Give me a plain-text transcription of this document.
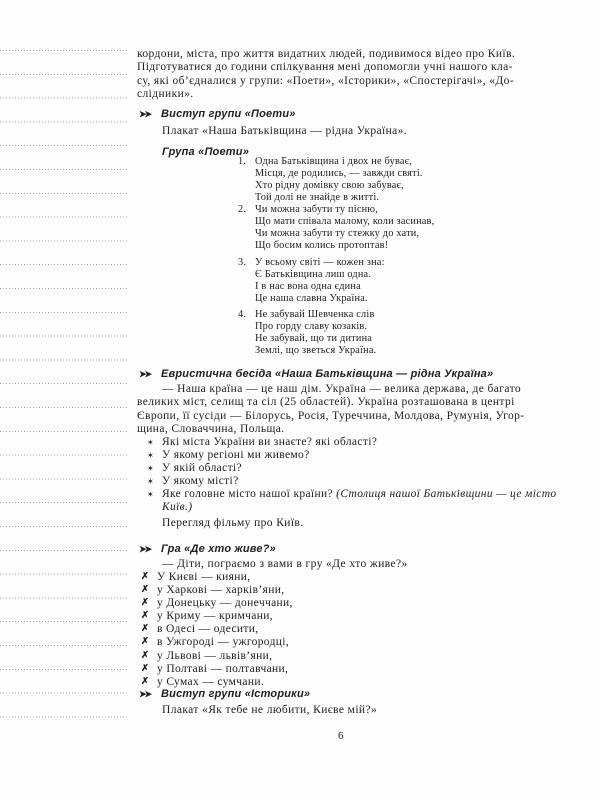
кордони, міста, про життя видатних людей, подивимося відео про Київ.
Підготуватися до години спілкування мені допомогли учні нашого кла-
су, які об’єдналися у групи: «Поети», «Історики», «Спостерігачі», «До-
слідники».
➤➤ Виступ групи «Поети»
Плакат «Наша Батьківщина — рідна Україна».
Група «Поети»
1. Одна Батьківщина і двох не буває,
Місця, де родились, — завжди святі.
Хто рідну домівку свою забуває,
Той долі не знайде в житті.
2. Чи можна забути ту пісню,
Що мати співала малому, коли засинав,
Чи можна забути ту стежку до хати,
Що босим колись протоптав!
3. У всьому світі — кожен зна:
Є Батьківщина лиш одна.
І в нас вона одна єдина
Це наша славна Україна.
4. Не забувай Шевченка слів
Про горду славу козаків.
Не забувай, що ти дитина
Землі, що зветься Україна.
➤➤ Евристична бесіда «Наша Батьківщина — рідна Україна»
— Наша країна — це наш дім. Україна — велика держава, де багато
великих міст, селищ та сіл (25 областей). Україна розташована в центрі
Європи, її сусіди — Білорусь, Росія, Туреччина, Молдова, Румунія, Угор-
щина, Словаччина, Польща.
✶ Які міста України ви знаєте? які області?
✶ У якому регіоні ми живемо?
✶ У якій області?
✶ У якому місті?
✶ Яке головне місто нашої країни? (Столиця нашої Батьківщини — це місто Київ.)
Перегляд фільму про Київ.
➤➤ Гра «Де хто живе?»
— Діти, пограємо з вами в гру «Де хто живе?»
✗ У Києві — кияни,
✗ у Харкові — харків’яни,
✗ у Донецьку — донеччани,
✗ у Криму — кримчани,
✗ в Одесі — одесити,
✗ в Ужгороді — ужгородці,
✗ у Львові — львів’яни,
✗ у Полтаві — полтавчани,
✗ у Сумах — сумчани.
➤➤ Виступ групи «Історики»
Плакат «Як тебе не любити, Києве мій?»
6
